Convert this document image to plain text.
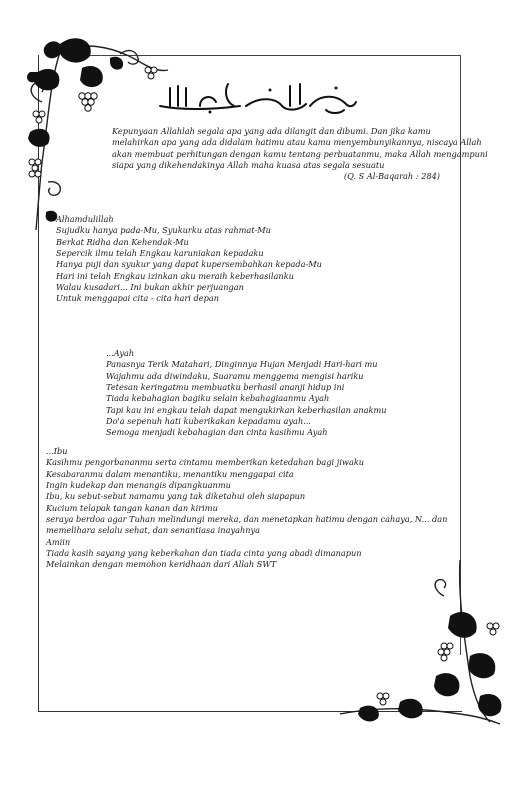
Kepunyaan Allahlah segala apa yang ada dilangit dan dibumi. Dan jika kamu
melahirkan apa yang ada didalam hatimu atau kamu menyembunyikannya, niscaya Allah
akan membuat perhitungan dengan kamu tentang perbuatanmu, maka Allah mengampuni
siapa yang dikehendakinya Allah maha kuasa atas segala sesuatu
(Q. S Al-Baqarah : 284)
Alhamdulillah
Sujudku hanya pada-Mu, Syukurku atas rahmat-Mu
Berkat Ridha dan Kehendak-Mu
Sepercik ilmu telah Engkau karuniakan kepadaku
Hanya puji dan syukur yang dapat kupersembahkan kepada-Mu
Hari ini telah Engkau izinkan aku meraih keberhasilanku
Walau kusadari... Ini bukan akhir perjuangan
Untuk menggapai cita - cita hari depan
...Ayah
Panasnya Terik Matahari, Dinginnya Hujan Menjadi Hari-hari mu
Wajahmu ada diwindaku, Suaramu menggema mengisi hariku
Tetesan keringatmu membuatku berhasil ananji hidup ini
Tiada kebahagian bagiku selain kebahagiaanmu Ayah
Tapi kau ini engkau telah dapat mengukirkan keberhasilan anakmu
Do'a sepenuh hati kuberikakan kepadamu ayah...
Semoga menjadi kebahagian dan cinta kasihmu Ayah
...Ibu
Kasihmu pengorbananmu serta cintamu memberikan ketedahan bagi jiwaku
Kesabaranmu dalam menantiku, menantiku menggapai cita
Ingin kudekap dan menangis dipangkuanmu
Ibu, ku sebut-sebut namamu yang tak diketahui oleh siapapun
Kucium telapak tangan kanan dan kirimu
seraya berdoa agar Tuhan melindungi mereka, dan menetapkan hatimu dengan cahaya, N... dan
memelihara selalu sehat, dan senantiasa inayahnya
Amiin
Tiada kasih sayang yang keberkahan dan tiada cinta yang abadi dimanapun
Melainkan dengan memohon keridhaan dari Allah SWT
